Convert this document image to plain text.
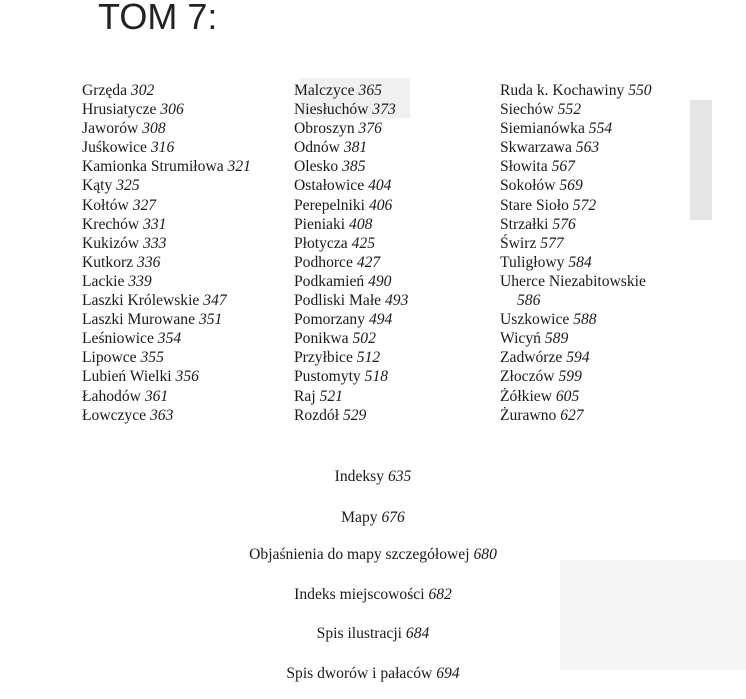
TOM 7:
Grzęda 302
Hrusiatycze 306
Jaworów 308
Juśkowice 316
Kamionka Strumiłowa 321
Kąty 325
Kołtów 327
Krechów 331
Kukizów 333
Kutkorz 336
Lackie 339
Laszki Królewskie 347
Laszki Murowane 351
Leśniowice 354
Lipowce 355
Lubień Wielki 356
Łahodów 361
Łowczyce 363
Malczyce 365
Niesłuchów 373
Obroszyn 376
Odnów 381
Olesko 385
Ostałowice 404
Perepelniki 406
Pieniaki 408
Płotycza 425
Podhorce 427
Podkamień 490
Podliski Małe 493
Pomorzany 494
Ponikwa 502
Przyłbice 512
Pustomyty 518
Raj 521
Rozdół 529
Ruda k. Kochawiny 550
Siechów 552
Siemianówka 554
Skwarzawa 563
Słowita 567
Sokołów 569
Stare Sioło 572
Strzałki 576
Świrz 577
Tuligłowy 584
Uherce Niezabitowskie
586
Uszkowice 588
Wicyń 589
Zadwórze 594
Złoczów 599
Żółkiew 605
Żurawno 627
Indeksy 635
Mapy 676
Objaśnienia do mapy szczegółowej 680
Indeks miejscowości 682
Spis ilustracji 684
Spis dworów i pałaców 694
